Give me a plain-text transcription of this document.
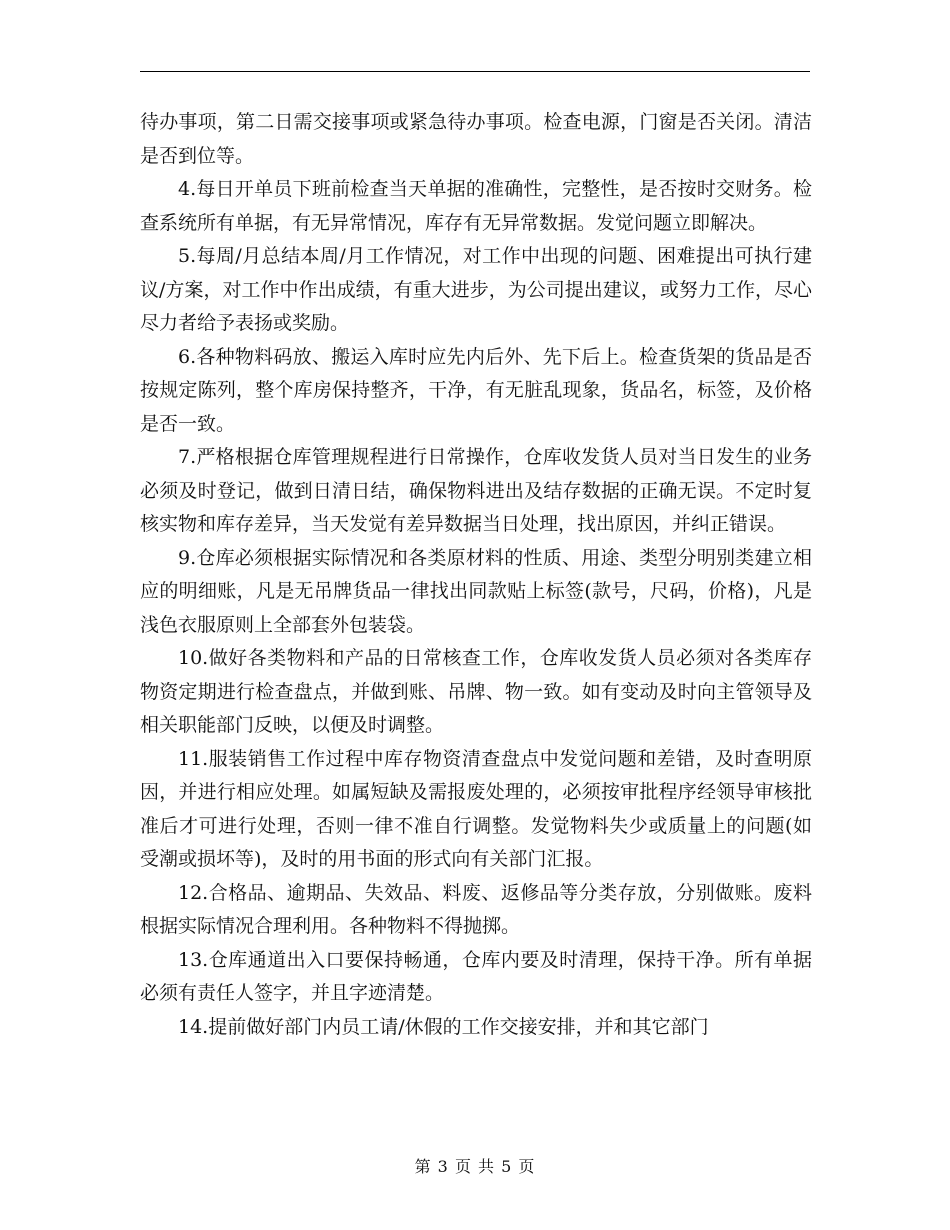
待办事项，第二日需交接事项或紧急待办事项。检查电源，门窗是否关闭。清洁是否到位等。

4.每日开单员下班前检查当天单据的准确性，完整性，是否按时交财务。检查系统所有单据，有无异常情况，库存有无异常数据。发觉问题立即解决。

5.每周/月总结本周/月工作情况，对工作中出现的问题、困难提出可执行建议/方案，对工作中作出成绩，有重大进步，为公司提出建议，或努力工作，尽心尽力者给予表扬或奖励。

6.各种物料码放、搬运入库时应先内后外、先下后上。检查货架的货品是否按规定陈列，整个库房保持整齐，干净，有无脏乱现象，货品名，标签，及价格是否一致。

7.严格根据仓库管理规程进行日常操作，仓库收发货人员对当日发生的业务必须及时登记，做到日清日结，确保物料进出及结存数据的正确无误。不定时复核实物和库存差异，当天发觉有差异数据当日处理，找出原因，并纠正错误。

9.仓库必须根据实际情况和各类原材料的性质、用途、类型分明别类建立相应的明细账，凡是无吊牌货品一律找出同款贴上标签(款号，尺码，价格)，凡是浅色衣服原则上全部套外包装袋。

10.做好各类物料和产品的日常核查工作，仓库收发货人员必须对各类库存物资定期进行检查盘点，并做到账、吊牌、物一致。如有变动及时向主管领导及相关职能部门反映，以便及时调整。

11.服装销售工作过程中库存物资清查盘点中发觉问题和差错，及时查明原因，并进行相应处理。如属短缺及需报废处理的，必须按审批程序经领导审核批准后才可进行处理，否则一律不准自行调整。发觉物料失少或质量上的问题(如受潮或损坏等)，及时的用书面的形式向有关部门汇报。

12.合格品、逾期品、失效品、料废、返修品等分类存放，分别做账。废料根据实际情况合理利用。各种物料不得抛掷。

13.仓库通道出入口要保持畅通，仓库内要及时清理，保持干净。所有单据必须有责任人签字，并且字迹清楚。

14.提前做好部门内员工请/休假的工作交接安排，并和其它部门

第 3 页 共 5 页
